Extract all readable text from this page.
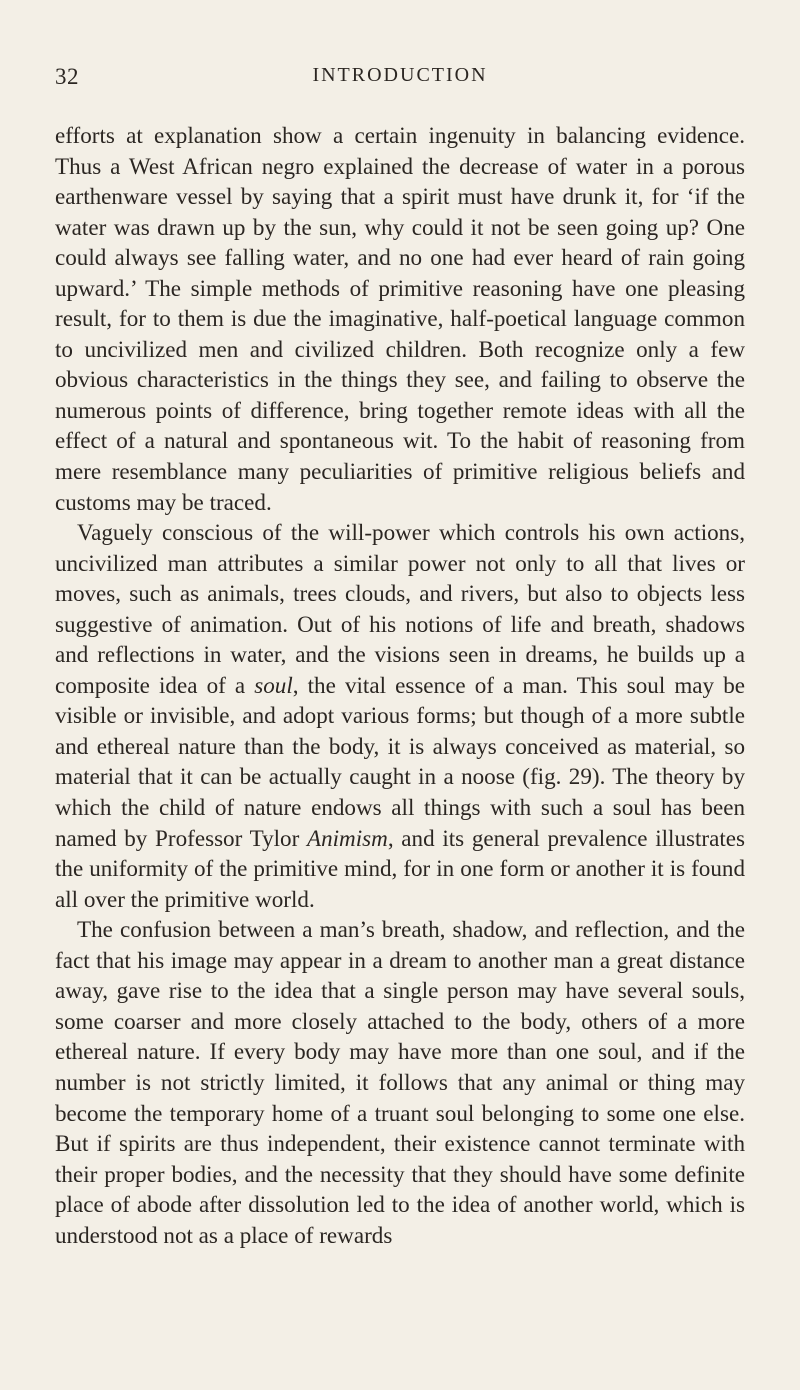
32	INTRODUCTION

efforts at explanation show a certain ingenuity in balancing evidence. Thus a West African negro explained the decrease of water in a porous earthenware vessel by saying that a spirit must have drunk it, for ‘if the water was drawn up by the sun, why could it not be seen going up? One could always see falling water, and no one had ever heard of rain going upward.’ The simple methods of primitive reasoning have one pleasing result, for to them is due the imaginative, half-poetical language common to uncivilized men and civilized children. Both recognize only a few obvious characteristics in the things they see, and failing to observe the numerous points of difference, bring together remote ideas with all the effect of a natural and spontaneous wit. To the habit of reasoning from mere resemblance many peculiarities of primitive religious beliefs and customs may be traced.

Vaguely conscious of the will-power which controls his own actions, uncivilized man attributes a similar power not only to all that lives or moves, such as animals, trees clouds, and rivers, but also to objects less suggestive of animation. Out of his notions of life and breath, shadows and reflections in water, and the visions seen in dreams, he builds up a composite idea of a soul, the vital essence of a man. This soul may be visible or invisible, and adopt various forms; but though of a more subtle and ethereal nature than the body, it is always conceived as material, so material that it can be actually caught in a noose (fig. 29). The theory by which the child of nature endows all things with such a soul has been named by Professor Tylor Animism, and its general prevalence illustrates the uniformity of the primitive mind, for in one form or another it is found all over the primitive world.

The confusion between a man’s breath, shadow, and reflection, and the fact that his image may appear in a dream to another man a great distance away, gave rise to the idea that a single person may have several souls, some coarser and more closely attached to the body, others of a more ethereal nature. If every body may have more than one soul, and if the number is not strictly limited, it follows that any animal or thing may become the temporary home of a truant soul belonging to some one else. But if spirits are thus independent, their existence cannot terminate with their proper bodies, and the necessity that they should have some definite place of abode after dissolution led to the idea of another world, which is understood not as a place of rewards
